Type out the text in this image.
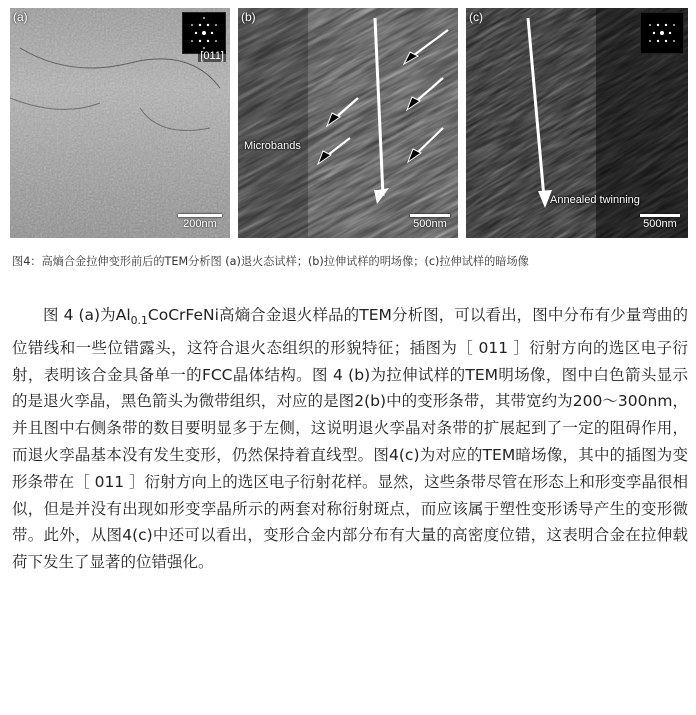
(a)
[011]
200nm
(b)
Microbands
500nm
(c)
Annealed twinning
500nm
图4：高熵合金拉伸变形前后的TEM分析图 (a)退火态试样；(b)拉伸试样的明场像；(c)拉伸试样的暗场像

图 4 (a)为$Al_{0.1}CoCrFeNi$高熵合金退火样品的TEM分析图，可以看出，图中分布有少量弯曲的位错线和一些位错露头，这符合退火态组织的形貌特征；插图为［ 011 ］衍射方向的选区电子衍射，表明该合金具备单一的FCC晶体结构。图 4 (b)为拉伸试样的TEM明场像，图中白色箭头显示的是退火孪晶，黑色箭头为微带组织，对应的是图2(b)中的变形条带，其带宽约为200～300nm，并且图中右侧条带的数目要明显多于左侧，这说明退火孪晶对条带的扩展起到了一定的阻碍作用，而退火孪晶基本没有发生变形，仍然保持着直线型。图4(c)为对应的TEM暗场像，其中的插图为变形条带在［ 011 ］衍射方向上的选区电子衍射花样。显然，这些条带尽管在形态上和形变孪晶很相似，但是并没有出现如形变孪晶所示的两套对称衍射斑点，而应该属于塑性变形诱导产生的变形微带。此外，从图4(c)中还可以看出，变形合金内部分布有大量的高密度位错，这表明合金在拉伸载荷下发生了显著的位错强化。
